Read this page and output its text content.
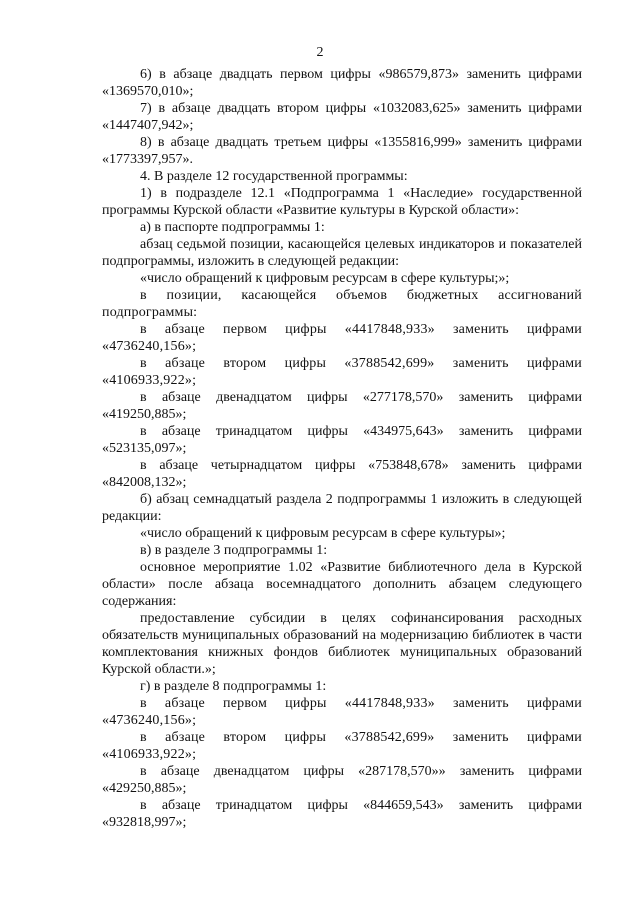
2

6) в абзаце двадцать первом цифры «986579,873» заменить цифрами «1369570,010»;

7) в абзаце двадцать втором цифры «1032083,625» заменить цифрами «1447407,942»;

8) в абзаце двадцать третьем цифры «1355816,999» заменить цифрами «1773397,957».

4. В разделе 12 государственной программы:

1) в подразделе 12.1 «Подпрограмма 1 «Наследие» государственной программы Курской области «Развитие культуры в Курской области»:

а) в паспорте подпрограммы 1:

абзац седьмой позиции, касающейся целевых индикаторов и показателей подпрограммы, изложить в следующей редакции:

«число обращений к цифровым ресурсам в сфере культуры;»;

в позиции, касающейся объемов бюджетных ассигнований подпрограммы:

в абзаце первом цифры «4417848,933» заменить цифрами «4736240,156»;

в абзаце втором цифры «3788542,699» заменить цифрами «4106933,922»;

в абзаце двенадцатом цифры «277178,570» заменить цифрами «419250,885»;

в абзаце тринадцатом цифры «434975,643» заменить цифрами «523135,097»;

в абзаце четырнадцатом цифры «753848,678» заменить цифрами «842008,132»;

б) абзац семнадцатый раздела 2 подпрограммы 1 изложить в следующей редакции:

«число обращений к цифровым ресурсам в сфере культуры»;

в) в разделе 3 подпрограммы 1:

основное мероприятие 1.02 «Развитие библиотечного дела в Курской области» после абзаца восемнадцатого дополнить абзацем следующего содержания:

предоставление субсидии в целях софинансирования расходных обязательств муниципальных образований на модернизацию библиотек в части комплектования книжных фондов библиотек муниципальных образований Курской области.»;

г) в разделе 8 подпрограммы 1:

в абзаце первом цифры «4417848,933» заменить цифрами «4736240,156»;

в абзаце втором цифры «3788542,699» заменить цифрами «4106933,922»;

в абзаце двенадцатом цифры «287178,570»» заменить цифрами «429250,885»;

в абзаце тринадцатом цифры «844659,543» заменить цифрами «932818,997»;
